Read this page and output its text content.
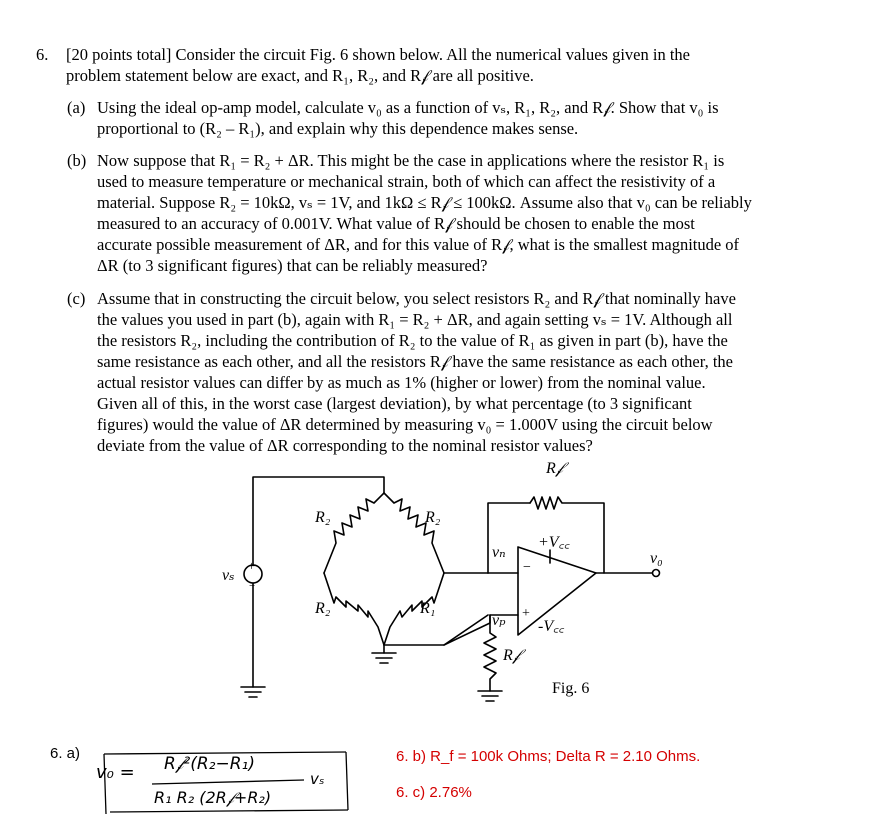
6. [20 points total] Consider the circuit Fig. 6 shown below. All the numerical values given in the
problem statement below are exact, and R₁, R₂, and R𝒻 are all positive.
(a) Using the ideal op-amp model, calculate v₀ as a function of vₛ, R₁, R₂, and R𝒻. Show that v₀ is
proportional to (R₂ – R₁), and explain why this dependence makes sense.
(b) Now suppose that R₁ = R₂ + ΔR. This might be the case in applications where the resistor R₁ is
used to measure temperature or mechanical strain, both of which can affect the resistivity of a
material. Suppose R₂ = 10kΩ, vₛ = 1V, and 1kΩ ≤ R𝒻 ≤ 100kΩ. Assume also that v₀ can be reliably
measured to an accuracy of 0.001V. What value of R𝒻 should be chosen to enable the most
accurate possible measurement of ΔR, and for this value of R𝒻, what is the smallest magnitude of
ΔR (to 3 significant figures) that can be reliably measured?
(c) Assume that in constructing the circuit below, you select resistors R₂ and R𝒻 that nominally have
the values you used in part (b), again with R₁ = R₂ + ΔR, and again setting vₛ = 1V. Although all
the resistors R₂, including the contribution of R₂ to the value of R₁ as given in part (b), have the
same resistance as each other, and all the resistors R𝒻 have the same resistance as each other, the
actual resistor values can differ by as much as 1% (higher or lower) from the nominal value.
Given all of this, in the worst case (largest deviation), by what percentage (to 3 significant
figures) would the value of ΔR determined by measuring v₀ = 1.000V using the circuit below
deviate from the value of ΔR corresponding to the nominal resistor values?
R𝒻
R₂	R₂
R₂	R₁
vₛ
+
−
vₙ
vₚ
+V꜀꜀
-V꜀꜀
−
+
v₀
R𝒻
Fig. 6
6. a)
v₀ = R𝒻²(R₂−R₁)
R₁ R₂ (2R𝒻+R₂)
vₛ
6. b) R_f = 100k Ohms; Delta R = 2.10 Ohms.
6. c) 2.76%
